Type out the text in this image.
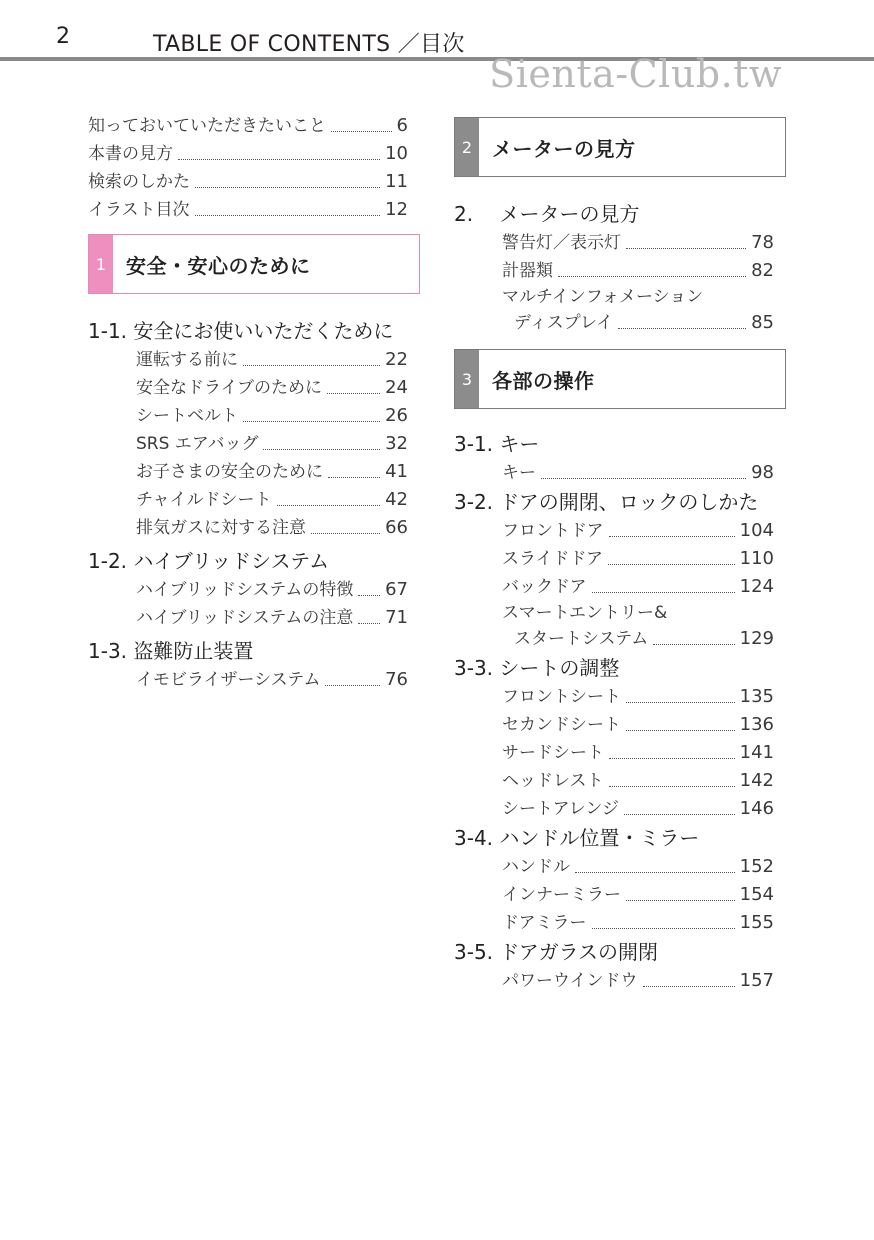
2	TABLE OF CONTENTS ／目次
Sienta-Club.tw
知っておいていただきたいこと	6
本書の見方	10
検索のしかた	11
イラスト目次	12
1 安全・安心のために
1-1. 安全にお使いいただくために
運転する前に	22
安全なドライブのために	24
シートベルト	26
SRS エアバッグ	32
お子さまの安全のために	41
チャイルドシート	42
排気ガスに対する注意	66
1-2. ハイブリッドシステム
ハイブリッドシステムの特徴 67
ハイブリッドシステムの注意 71
1-3. 盗難防止装置
イモビライザーシステム	76
2 メーターの見方
2.　 メーターの見方
警告灯／表示灯	78
計器類	82
マルチインフォメーション
ディスプレイ	85
3 各部の操作
3-1. キー
キー	98
3-2. ドアの開閉、ロックのしかた
フロントドア	104
スライドドア	110
バックドア	124
スマートエントリー&
スタートシステム	129
3-3. シートの調整
フロントシート	135
セカンドシート	136
サードシート	141
ヘッドレスト	142
シートアレンジ	146
3-4. ハンドル位置・ミラー
ハンドル	152
インナーミラー	154
ドアミラー	155
3-5. ドアガラスの開閉
パワーウインドウ	157
